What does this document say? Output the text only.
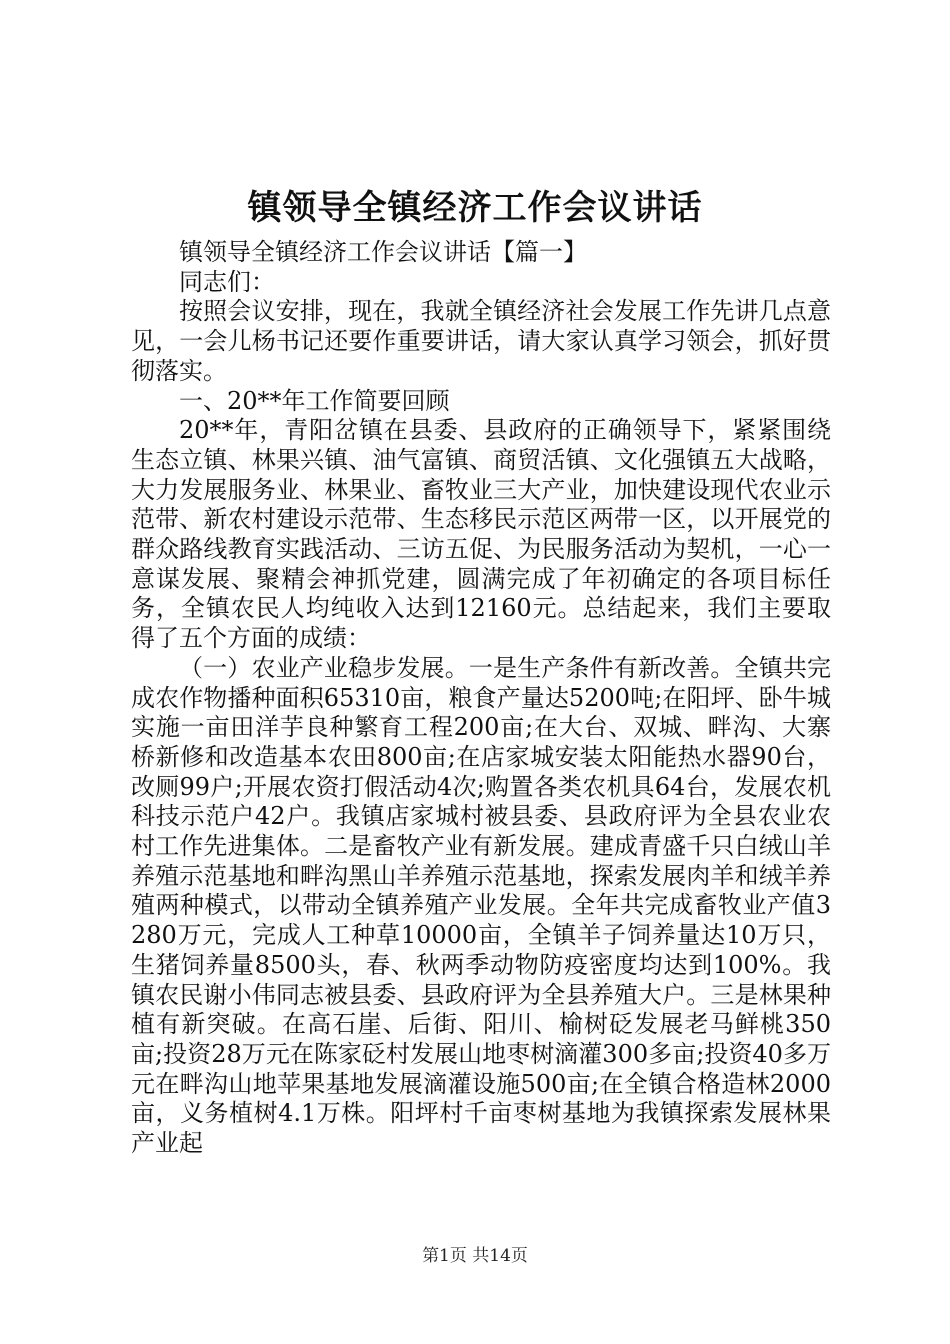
镇领导全镇经济工作会议讲话

镇领导全镇经济工作会议讲话【篇一】

同志们：

按照会议安排，现在，我就全镇经济社会发展工作先讲几点意见，一会儿杨书记还要作重要讲话，请大家认真学习领会，抓好贯彻落实。

一、20**年工作简要回顾

20**年，青阳岔镇在县委、县政府的正确领导下，紧紧围绕生态立镇、林果兴镇、油气富镇、商贸活镇、文化强镇五大战略，大力发展服务业、林果业、畜牧业三大产业，加快建设现代农业示范带、新农村建设示范带、生态移民示范区两带一区，以开展党的群众路线教育实践活动、三访五促、为民服务活动为契机，一心一意谋发展、聚精会神抓党建，圆满完成了年初确定的各项目标任务，全镇农民人均纯收入达到12160元。总结起来，我们主要取得了五个方面的成绩：

（一）农业产业稳步发展。一是生产条件有新改善。全镇共完成农作物播种面积65310亩，粮食产量达5200吨;在阳坪、卧牛城实施一亩田洋芋良种繁育工程200亩;在大台、双城、畔沟、大寨桥新修和改造基本农田800亩;在店家城安装太阳能热水器90台，改厕99户;开展农资打假活动4次;购置各类农机具64台，发展农机科技示范户42户。我镇店家城村被县委、县政府评为全县农业农村工作先进集体。二是畜牧产业有新发展。建成青盛千只白绒山羊养殖示范基地和畔沟黑山羊养殖示范基地，探索发展肉羊和绒羊养殖两种模式，以带动全镇养殖产业发展。全年共完成畜牧业产值3280万元，完成人工种草10000亩，全镇羊子饲养量达10万只，生猪饲养量8500头，春、秋两季动物防疫密度均达到100%。我镇农民谢小伟同志被县委、县政府评为全县养殖大户。三是林果种植有新突破。在高石崖、后街、阳川、榆树砭发展老马鲜桃350亩;投资28万元在陈家砭村发展山地枣树滴灌300多亩;投资40多万元在畔沟山地苹果基地发展滴灌设施500亩;在全镇合格造林2000亩，义务植树4.1万株。阳坪村千亩枣树基地为我镇探索发展林果产业起

第1页 共14页
